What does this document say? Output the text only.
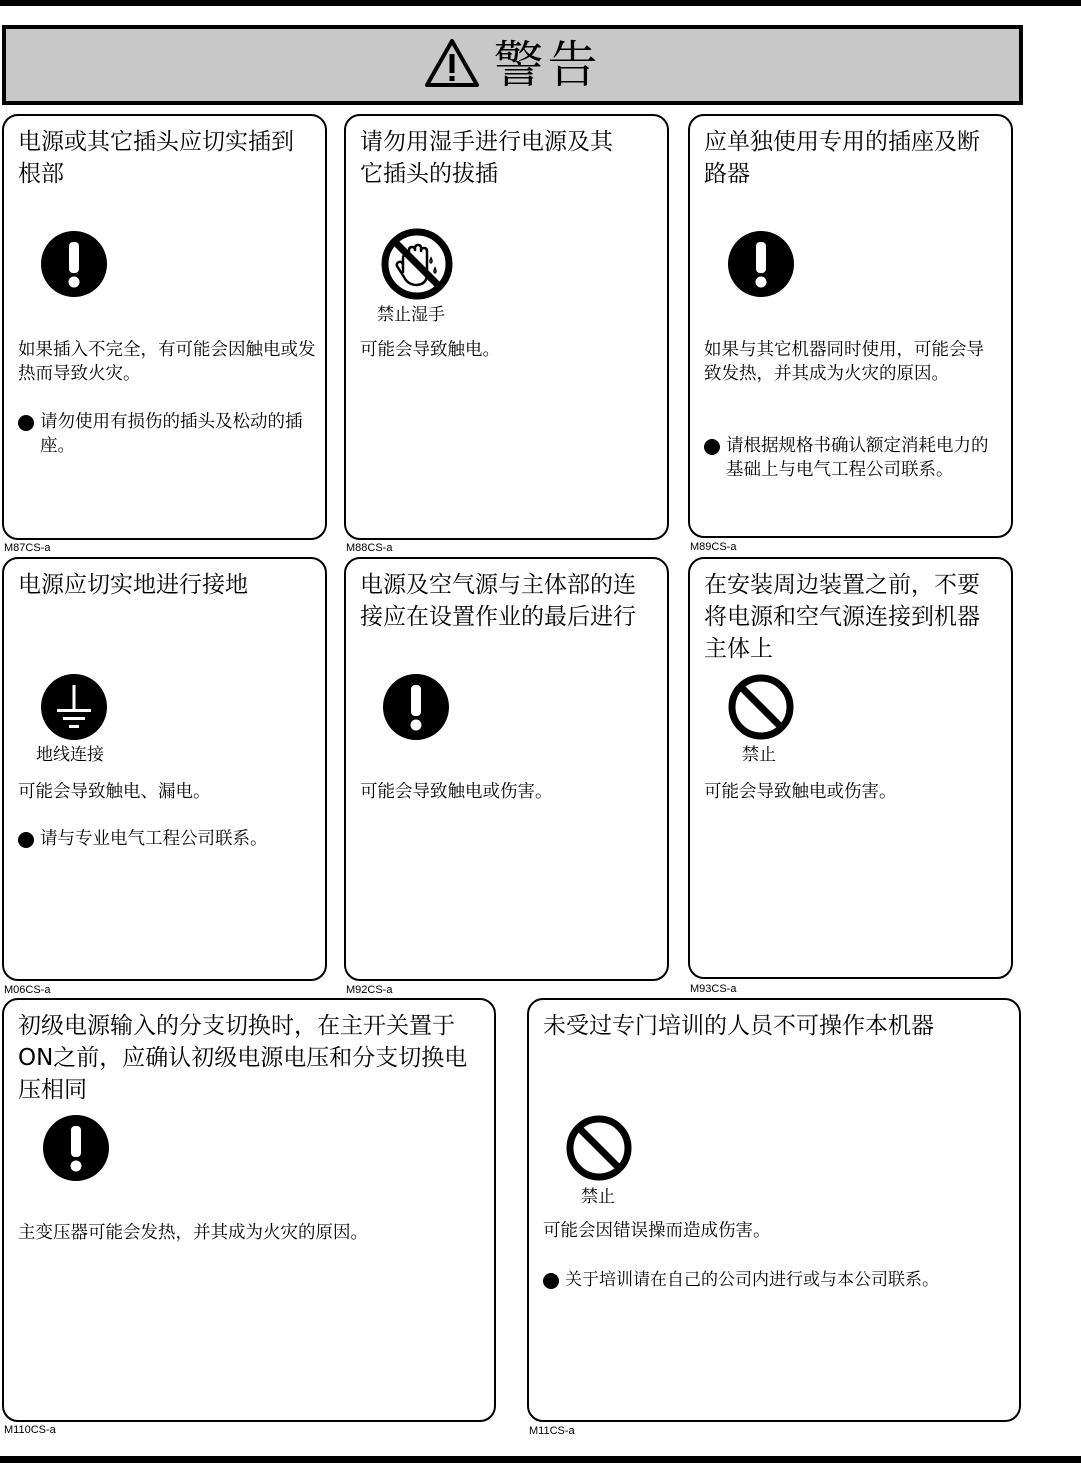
警告
电源或其它插头应切实插到根部
如果插入不完全，有可能会因触电或发热而导致火灾。
请勿使用有损伤的插头及松动的插座。
M87CS-a
请勿用湿手进行电源及其它插头的拔插
禁止湿手
可能会导致触电。
M88CS-a
应单独使用专用的插座及断路器
如果与其它机器同时使用，可能会导致发热，并其成为火灾的原因。
请根据规格书确认额定消耗电力的基础上与电气工程公司联系。
M89CS-a
电源应切实地进行接地
地线连接
可能会导致触电、漏电。
请与专业电气工程公司联系。
M06CS-a
电源及空气源与主体部的连接应在设置作业的最后进行
可能会导致触电或伤害。
M92CS-a
在安装周边装置之前，不要将电源和空气源连接到机器主体上
禁止
可能会导致触电或伤害。
M93CS-a
初级电源输入的分支切换时，在主开关置于ON之前，应确认初级电源电压和分支切换电压相同
主变压器可能会发热，并其成为火灾的原因。
M110CS-a
未受过专门培训的人员不可操作本机器
禁止
可能会因错误操而造成伤害。
关于培训请在自己的公司内进行或与本公司联系。
M11CS-a
